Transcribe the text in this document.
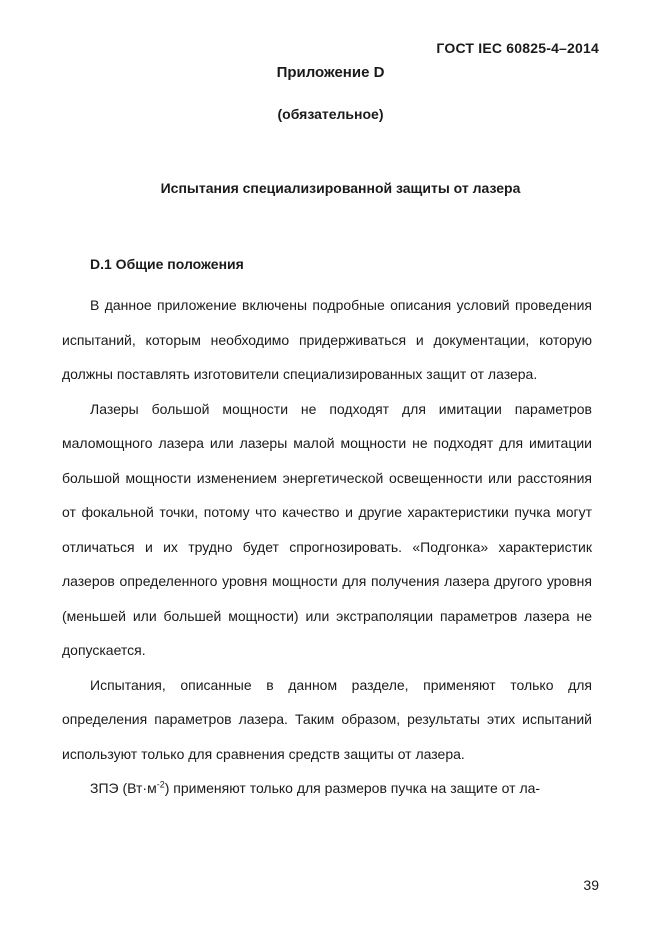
ГОСТ IEC 60825-4–2014
Приложение D
(обязательное)
Испытания специализированной защиты от лазера
D.1 Общие положения

В данное приложение включены подробные описания условий проведения испытаний, которым необходимо придерживаться и документации, которую должны поставлять изготовители специализированных защит от лазера.

Лазеры большой мощности не подходят для имитации параметров маломощного лазера или лазеры малой мощности не подходят для имитации большой мощности изменением энергетической освещенности или расстояния от фокальной точки, потому что качество и другие характеристики пучка могут отличаться и их трудно будет спрогнозировать. «Подгонка» характеристик лазеров определенного уровня мощности для получения лазера другого уровня (меньшей или большей мощности) или экстраполяции параметров лазера не допускается.

Испытания, описанные в данном разделе, применяют только для определения параметров лазера. Таким образом, результаты этих испытаний используют только для сравнения средств защиты от лазера.

ЗПЭ $(Вт\cdot м^{-2})$ применяют только для размеров пучка на защите от ла-

39
